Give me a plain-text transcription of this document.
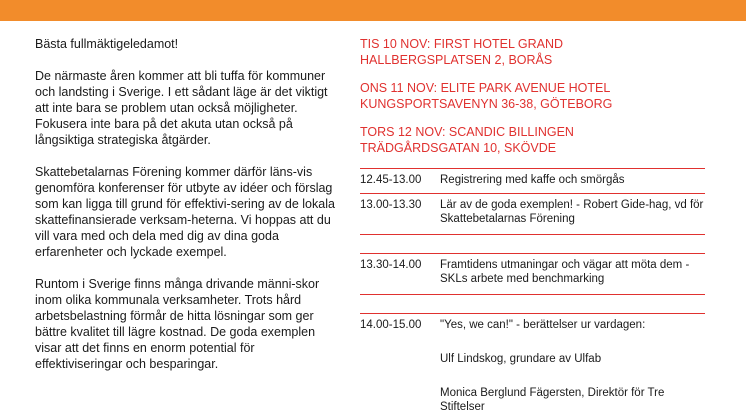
Bästa fullmäktigeledamot!

De närmaste åren kommer att bli tuffa för kommuner och landsting i Sverige. I ett sådant läge är det viktigt att inte bara se problem utan också möjligheter. Fokusera inte bara på det akuta utan också på långsiktiga strategiska åtgärder.

Skattebetalarnas Förening kommer därför läns-vis genomföra konferenser för utbyte av idéer och förslag som kan ligga till grund för effektivi-sering av de lokala skattefinansierade verksam-heterna. Vi hoppas att du vill vara med och dela med dig av dina goda erfarenheter och lyckade exempel.

Runtom i Sverige finns många drivande männi-skor inom olika kommunala verksamheter. Trots hård arbetsbelastning förmår de hitta lösningar som ger bättre kvalitet till lägre kostnad. De goda exemplen visar att det finns en enorm potential för effektiviseringar och besparingar.

TIS 10 NOV: FIRST HOTEL GRAND
HALLBERGSPLATSEN 2, BORÅS
ONS 11 NOV: ELITE PARK AVENUE HOTEL
KUNGSPORTSAVENYN 36-38, GÖTEBORG
TORS 12 NOV: SCANDIC BILLINGEN
TRÄDGÅRDSGATAN 10, SKÖVDE
12.45-13.00	Registrering med kaffe och smörgås
13.00-13.30	Lär av de goda exemplen! - Robert Gide-hag, vd för Skattebetalarnas Förening
13.30-14.00	Framtidens utmaningar och vägar att möta dem - SKLs arbete med benchmarking
14.00-15.00	"Yes, we can!" - berättelser ur vardagen:
Ulf Lindskog, grundare av Ulfab
Monica Berglund Fägersten, Direktör för Tre Stiftelser
